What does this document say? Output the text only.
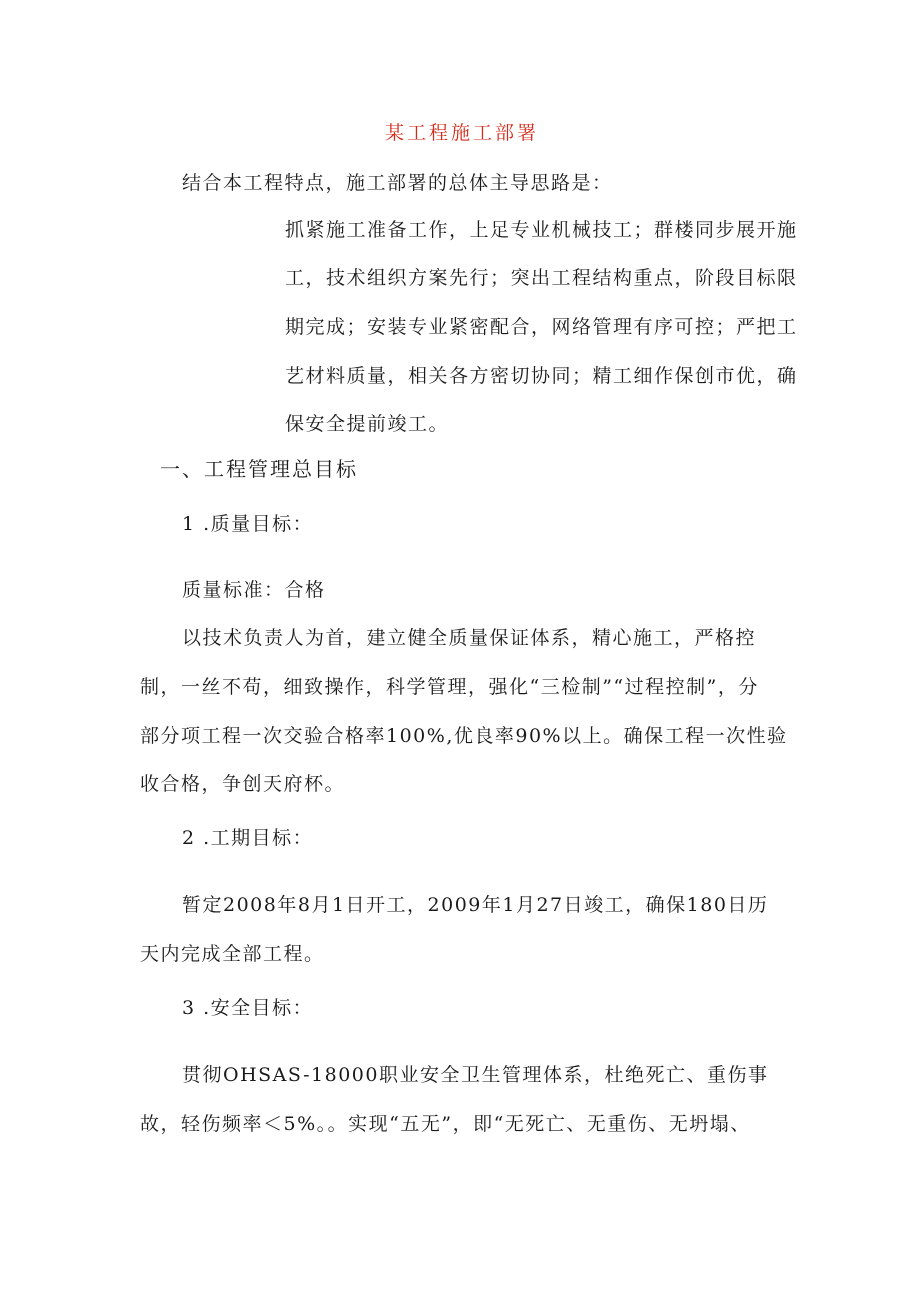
某工程施工部署
结合本工程特点，施工部署的总体主导思路是：
抓紧施工准备工作，上足专业机械技工；群楼同步展开施
工，技术组织方案先行；突出工程结构重点，阶段目标限
期完成；安装专业紧密配合，网络管理有序可控；严把工
艺材料质量，相关各方密切协同；精工细作保创市优，确
保安全提前竣工。
一、工程管理总目标
1 .质量目标：
质量标准：合格
以技术负责人为首，建立健全质量保证体系，精心施工，严格控
制，一丝不苟，细致操作，科学管理，强化“三检制”“过程控制”，分
部分项工程一次交验合格率100%,优良率90%以上。确保工程一次性验
收合格，争创天府杯。
2 .工期目标：
暂定2008年8月1日开工，2009年1月27日竣工，确保180日历
天内完成全部工程。
3 .安全目标：
贯彻OHSAS-18000职业安全卫生管理体系，杜绝死亡、重伤事
故，轻伤频率＜5%。。实现“五无”，即“无死亡、无重伤、无坍塌、
